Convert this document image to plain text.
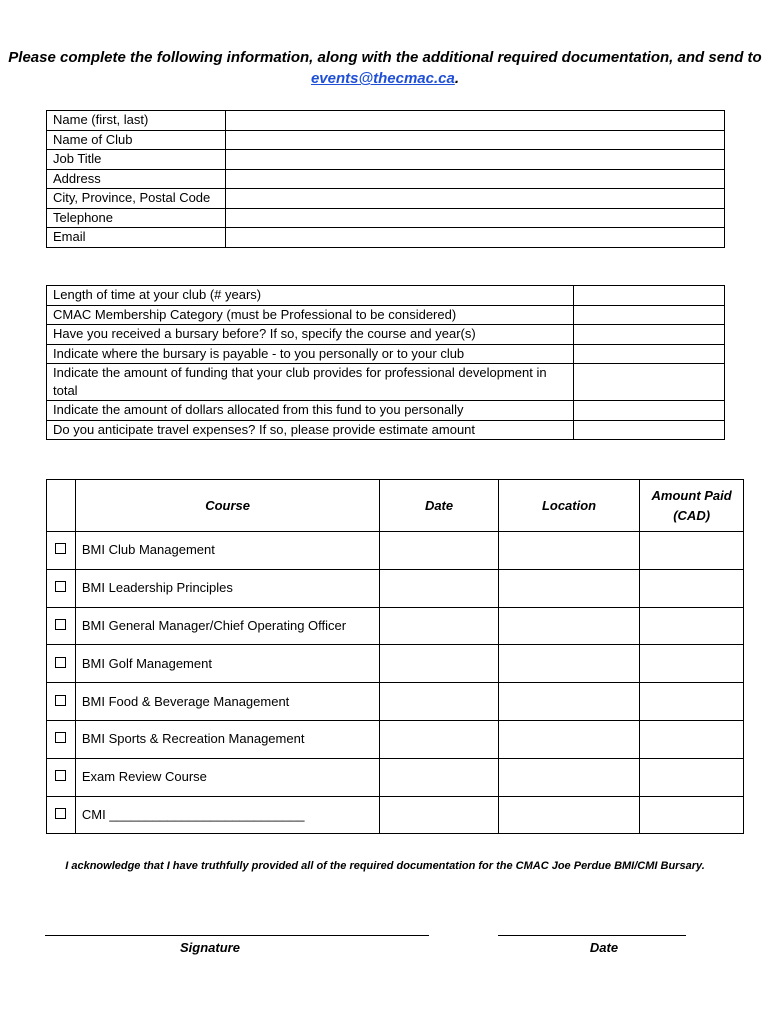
Please complete the following information, along with the additional required documentation, and send to events@thecmac.ca.
Name (first, last)	
Name of Club	
Job Title	
Address	
City, Province, Postal Code	
Telephone	
Email	
Length of time at your club (# years)	
CMAC Membership Category (must be Professional to be considered)	
Have you received a bursary before? If so, specify the course and year(s)	
Indicate where the bursary is payable - to you personally or to your club	
Indicate the amount of funding that your club provides for professional development in total	
Indicate the amount of dollars allocated from this fund to you personally	
Do you anticipate travel expenses? If so, please provide estimate amount	
	Course	Date	Location	Amount Paid (CAD)
	BMI Club Management			
	BMI Leadership Principles			
	BMI General Manager/Chief Operating Officer			
	BMI Golf Management			
	BMI Food & Beverage Management			
	BMI Sports & Recreation Management			
	Exam Review Course			
	CMI ___________________________			
I acknowledge that I have truthfully provided all of the required documentation for the CMAC Joe Perdue BMI/CMI Bursary.
Signature	Date
